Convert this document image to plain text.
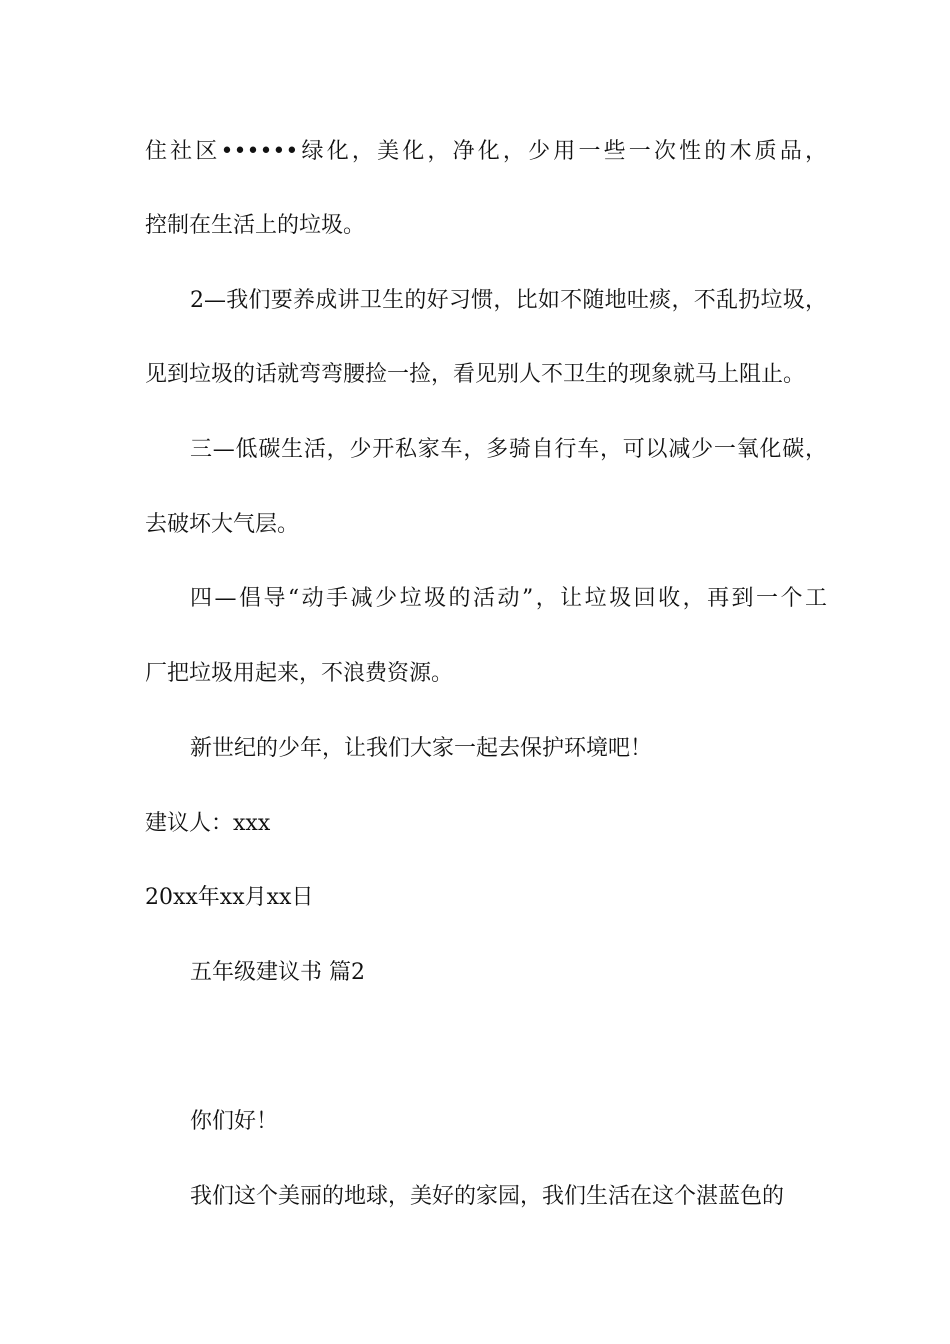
住社区••••••绿化，美化，净化，少用一些一次性的木质品，
控制在生活上的垃圾。
2—我们要养成讲卫生的好习惯，比如不随地吐痰，不乱扔垃圾，
见到垃圾的话就弯弯腰捡一捡，看见别人不卫生的现象就马上阻止。
三—低碳生活，少开私家车，多骑自行车，可以减少一氧化碳，
去破坏大气层。
四—倡导“动手减少垃圾的活动”，让垃圾回收，再到一个工
厂把垃圾用起来，不浪费资源。
新世纪的少年，让我们大家一起去保护环境吧！
建议人：xxx
20xx年xx月xx日
五年级建议书 篇2
你们好！
我们这个美丽的地球，美好的家园，我们生活在这个湛蓝色的
